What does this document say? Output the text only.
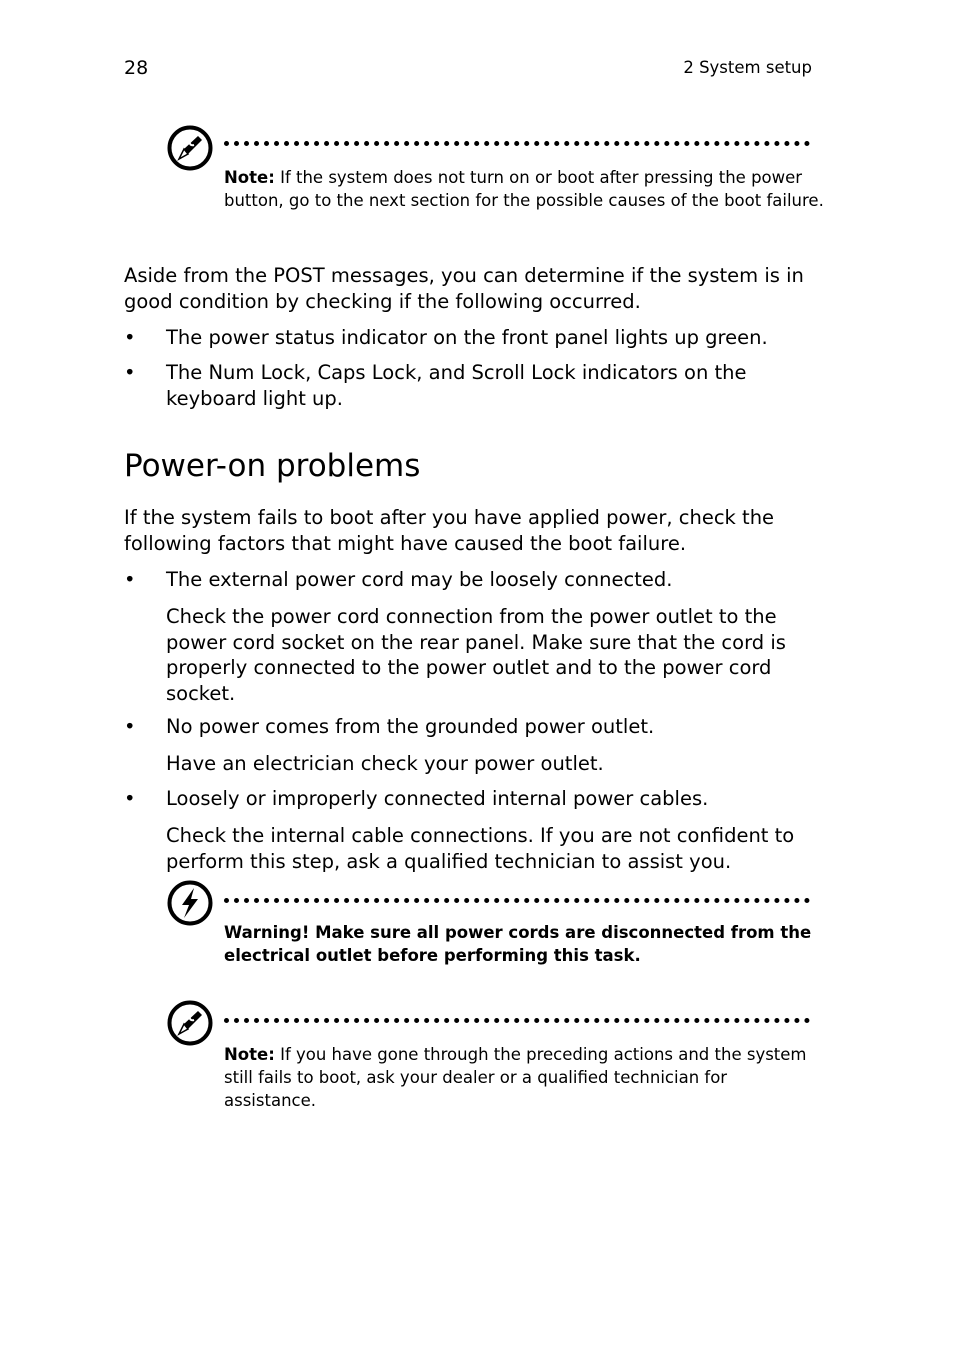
28	2 System setup
Note: If the system does not turn on or boot after pressing the power button, go to the next section for the possible causes of the boot failure.
Aside from the POST messages, you can determine if the system is in good condition by checking if the following occurred.
•	The power status indicator on the front panel lights up green.
•	The Num Lock, Caps Lock, and Scroll Lock indicators on the keyboard light up.
Power-on problems
If the system fails to boot after you have applied power, check the following factors that might have caused the boot failure.
•	The external power cord may be loosely connected.
Check the power cord connection from the power outlet to the power cord socket on the rear panel. Make sure that the cord is properly connected to the power outlet and to the power cord socket.
•	No power comes from the grounded power outlet.
Have an electrician check your power outlet.
•	Loosely or improperly connected internal power cables.
Check the internal cable connections. If you are not confident to perform this step, ask a qualified technician to assist you.
Warning! Make sure all power cords are disconnected from the electrical outlet before performing this task.
Note: If you have gone through the preceding actions and the system still fails to boot, ask your dealer or a qualified technician for assistance.
